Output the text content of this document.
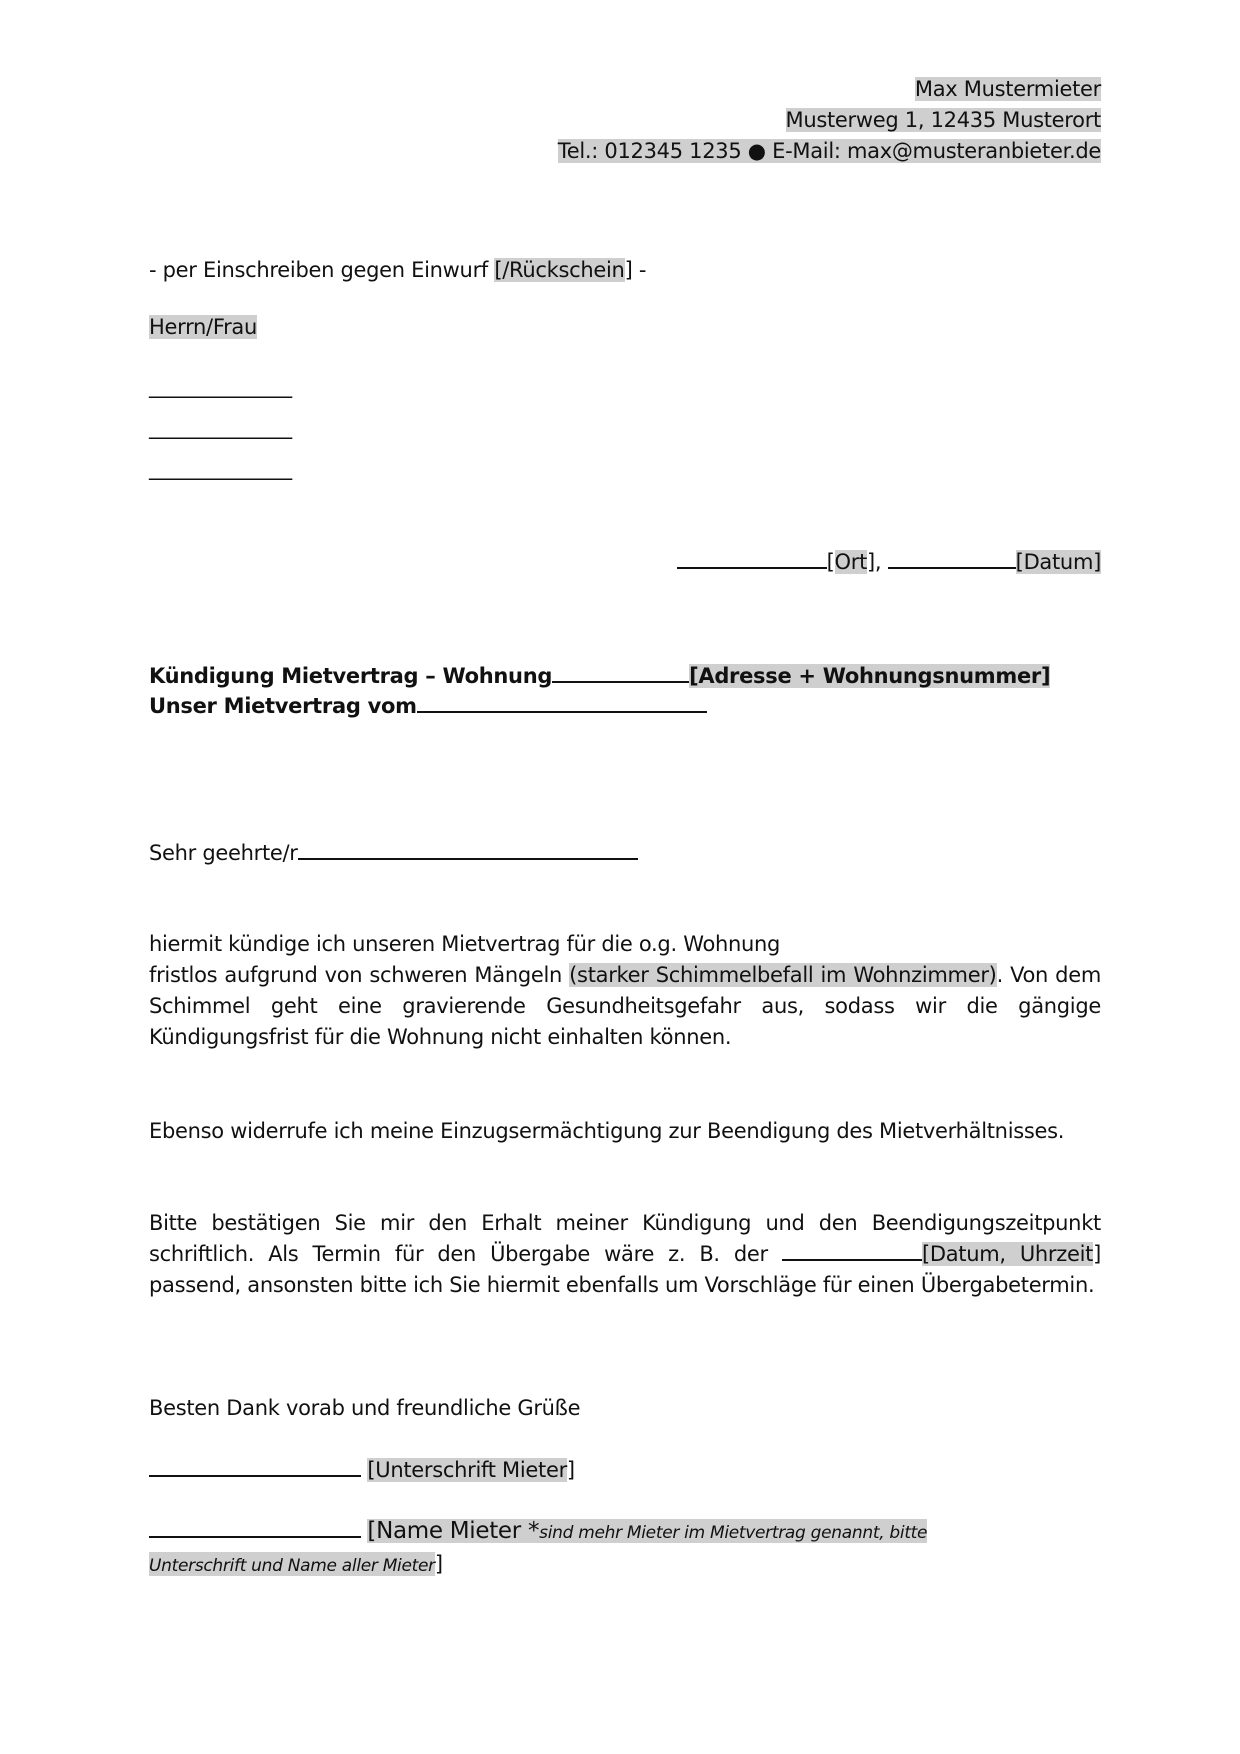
Max Mustermieter
Musterweg 1, 12435 Musterort
Tel.: 012345 1235 ● E-Mail: max@musteranbieter.de
- per Einschreiben gegen Einwurf [/Rückschein] -
Herrn/Frau
______________
______________
______________
[Ort],	[Datum]
Kündigung Mietvertrag – Wohnung	[Adresse + Wohnungsnummer]
Unser Mietvertrag vom
Sehr geehrte/r
hiermit kündige ich unseren Mietvertrag für die o.g. Wohnung
fristlos aufgrund von schweren Mängeln (starker Schimmelbefall im Wohnzimmer). Von dem Schimmel geht eine gravierende Gesundheitsgefahr aus, sodass wir die gängige Kündigungsfrist für die Wohnung nicht einhalten können.
Ebenso widerrufe ich meine Einzugsermächtigung zur Beendigung des Mietverhältnisses.
Bitte bestätigen Sie mir den Erhalt meiner Kündigung und den Beendigungszeitpunkt schriftlich. Als Termin für den Übergabe wäre z. B. der	[Datum, Uhrzeit] passend, ansonsten bitte ich Sie hiermit ebenfalls um Vorschläge für einen Übergabetermin.
Besten Dank vorab und freundliche Grüße
[Unterschrift Mieter]
[Name Mieter *sind mehr Mieter im Mietvertrag genannt, bitte Unterschrift und Name aller Mieter]
